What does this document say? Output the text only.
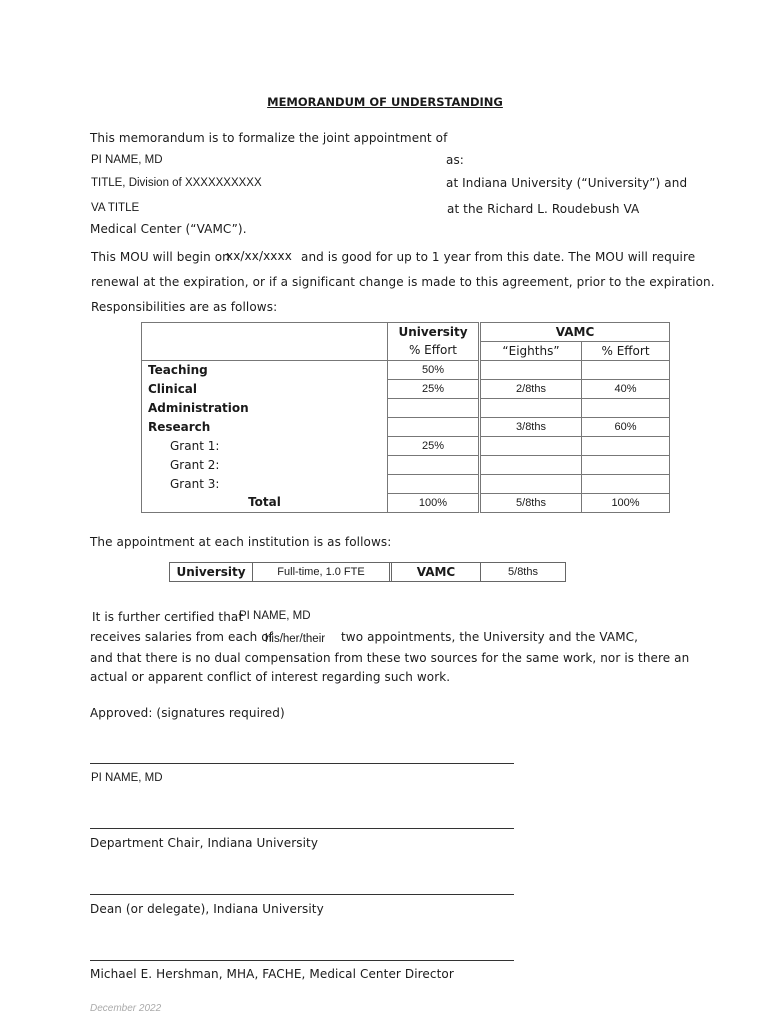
MEMORANDUM OF UNDERSTANDING
This memorandum is to formalize the joint appointment of
PI NAME, MD	as:
TITLE, Division of XXXXXXXXXX	at Indiana University (“University”) and
VA TITLE	at the Richard L. Roudebush VA
Medical Center (“VAMC”).
This MOU will begin on
xx/xx/xxxx and is good for up to 1 year from this date. The MOU will require
renewal at the expiration, or if a significant change is made to this agreement, prior to the expiration.
Responsibilities are as follows:
	University	VAMC	
	% Effort	“Eighths”	% Effort
Teaching	50%		
Clinical	25%	2/8ths	40%
Administration			
Research		3/8ths	60%
Grant 1:	25%		
Grant 2:			
Grant 3:			
Total	100%	5/8ths	100%
The appointment at each institution is as follows:
University	Full-time, 1.0 FTE	VAMC	5/8ths
It is further certified that
PI NAME, MD
receives salaries from each of
his/her/their two appointments, the University and the VAMC,
and that there is no dual compensation from these two sources for the same work, nor is there an
actual or apparent conflict of interest regarding such work.
Approved: (signatures required)
PI NAME, MD
Department Chair, Indiana University
Dean (or delegate), Indiana University
Michael E. Hershman, MHA, FACHE, Medical Center Director
December 2022
